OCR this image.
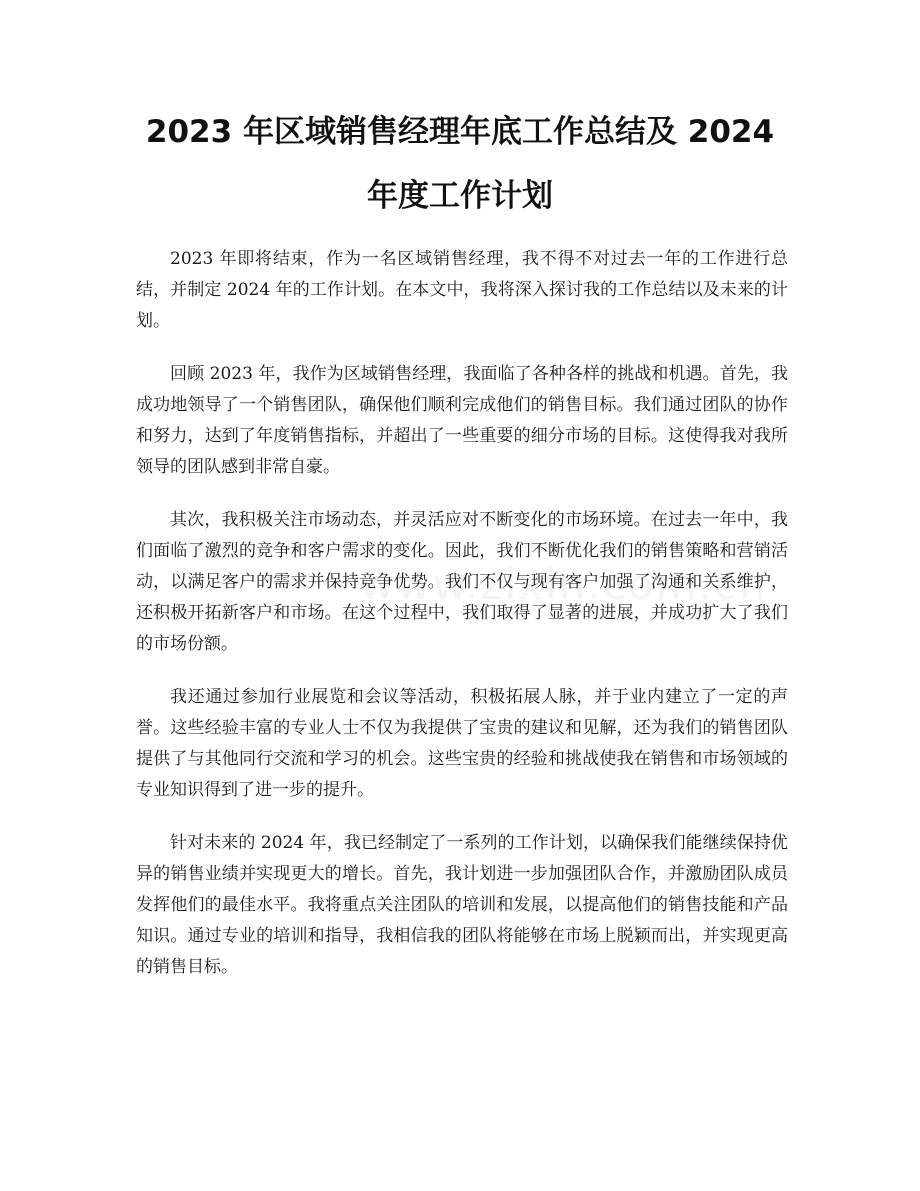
2023 年区域销售经理年底工作总结及 2024
年度工作计划

2023 年即将结束，作为一名区域销售经理，我不得不对过去一年的工作进行总结，并制定 2024 年的工作计划。在本文中，我将深入探讨我的工作总结以及未来的计划。

回顾 2023 年，我作为区域销售经理，我面临了各种各样的挑战和机遇。首先，我成功地领导了一个销售团队，确保他们顺利完成他们的销售目标。我们通过团队的协作和努力，达到了年度销售指标，并超出了一些重要的细分市场的目标。这使得我对我所领导的团队感到非常自豪。

其次，我积极关注市场动态，并灵活应对不断变化的市场环境。在过去一年中，我们面临了激烈的竞争和客户需求的变化。因此，我们不断优化我们的销售策略和营销活动，以满足客户的需求并保持竞争优势。我们不仅与现有客户加强了沟通和关系维护，还积极开拓新客户和市场。在这个过程中，我们取得了显著的进展，并成功扩大了我们的市场份额。

我还通过参加行业展览和会议等活动，积极拓展人脉，并于业内建立了一定的声誉。这些经验丰富的专业人士不仅为我提供了宝贵的建议和见解，还为我们的销售团队提供了与其他同行交流和学习的机会。这些宝贵的经验和挑战使我在销售和市场领域的专业知识得到了进一步的提升。

针对未来的 2024 年，我已经制定了一系列的工作计划，以确保我们能继续保持优异的销售业绩并实现更大的增长。首先，我计划进一步加强团队合作，并激励团队成员发挥他们的最佳水平。我将重点关注团队的培训和发展，以提高他们的销售技能和产品知识。通过专业的培训和指导，我相信我的团队将能够在市场上脱颖而出，并实现更高的销售目标。
